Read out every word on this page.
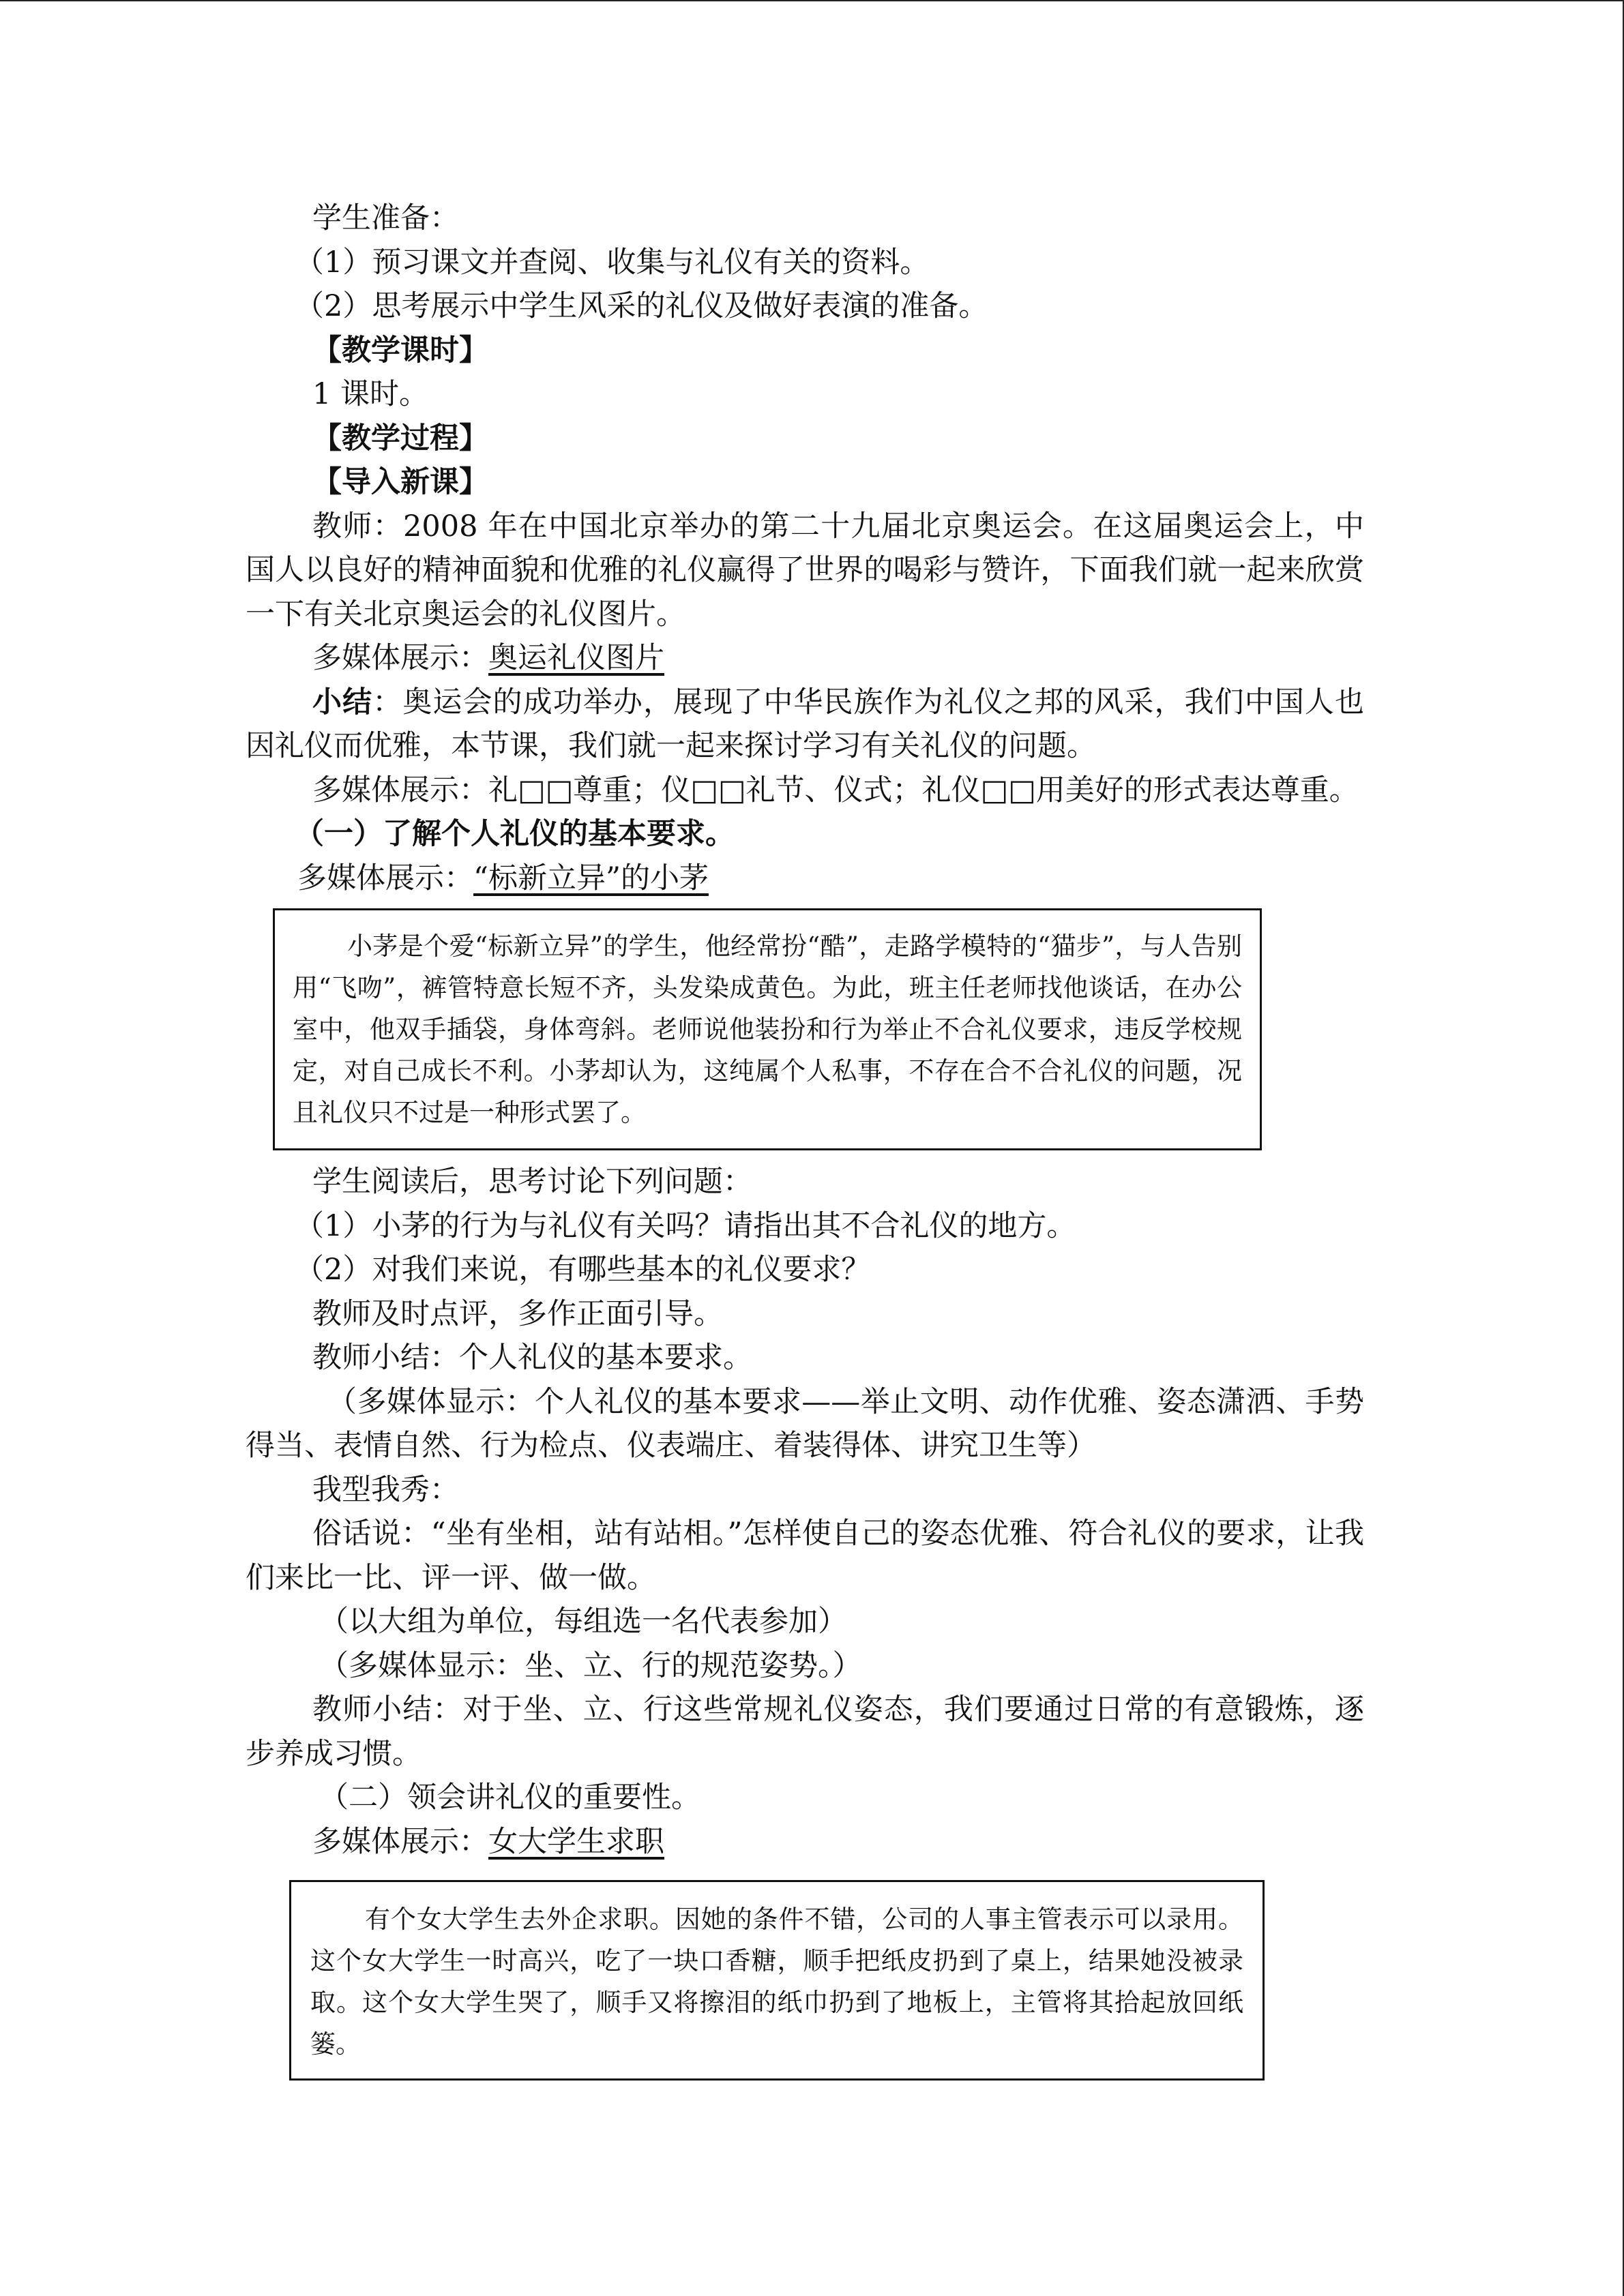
学生准备：

（1）预习课文并查阅、收集与礼仪有关的资料。

（2）思考展示中学生风采的礼仪及做好表演的准备。

【教学课时】

1 课时。

【教学过程】

【导入新课】

教师：2008 年在中国北京举办的第二十九届北京奥运会。在这届奥运会上，中国人以良好的精神面貌和优雅的礼仪赢得了世界的喝彩与赞许，下面我们就一起来欣赏一下有关北京奥运会的礼仪图片。

多媒体展示：奥运礼仪图片

小结：奥运会的成功举办，展现了中华民族作为礼仪之邦的风采，我们中国人也因礼仪而优雅，本节课，我们就一起来探讨学习有关礼仪的问题。

多媒体展示：礼□□尊重；仪□□礼节、仪式；礼仪□□用美好的形式表达尊重。

（一）了解个人礼仪的基本要求。

多媒体展示：“标新立异”的小茅

小茅是个爱“标新立异”的学生，他经常扮“酷”，走路学模特的“猫步”，与人告别用“飞吻”，裤管特意长短不齐，头发染成黄色。为此，班主任老师找他谈话，在办公室中，他双手插袋，身体弯斜。老师说他装扮和行为举止不合礼仪要求，违反学校规定，对自己成长不利。小茅却认为，这纯属个人私事，不存在合不合礼仪的问题，况且礼仪只不过是一种形式罢了。

学生阅读后，思考讨论下列问题：

（1）小茅的行为与礼仪有关吗？请指出其不合礼仪的地方。

（2）对我们来说，有哪些基本的礼仪要求？

教师及时点评，多作正面引导。

教师小结：个人礼仪的基本要求。

（多媒体显示：个人礼仪的基本要求——举止文明、动作优雅、姿态潇洒、手势得当、表情自然、行为检点、仪表端庄、着装得体、讲究卫生等）

我型我秀：

俗话说：“坐有坐相，站有站相。”怎样使自己的姿态优雅、符合礼仪的要求，让我们来比一比、评一评、做一做。

（以大组为单位，每组选一名代表参加）

（多媒体显示：坐、立、行的规范姿势。）

教师小结：对于坐、立、行这些常规礼仪姿态，我们要通过日常的有意锻炼，逐步养成习惯。

（二）领会讲礼仪的重要性。

多媒体展示：女大学生求职

有个女大学生去外企求职。因她的条件不错，公司的人事主管表示可以录用。这个女大学生一时高兴，吃了一块口香糖，顺手把纸皮扔到了桌上，结果她没被录取。这个女大学生哭了，顺手又将擦泪的纸巾扔到了地板上，主管将其拾起放回纸篓。
